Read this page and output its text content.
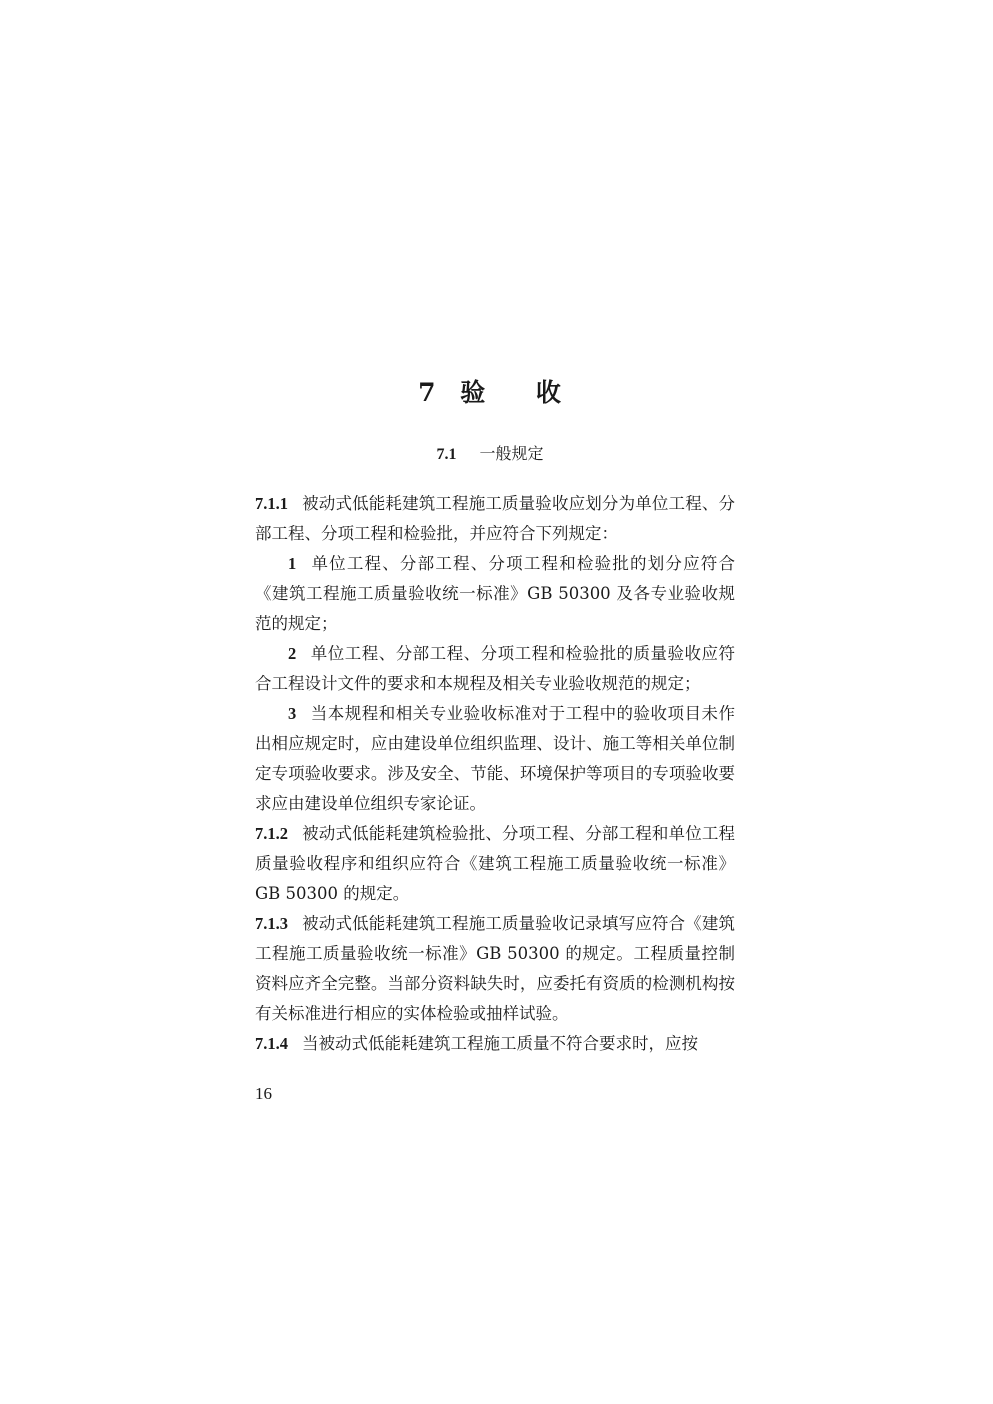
7 验 收
7.1 一般规定

7.1.1 被动式低能耗建筑工程施工质量验收应划分为单位工程、分部工程、分项工程和检验批，并应符合下列规定：

1 单位工程、分部工程、分项工程和检验批的划分应符合《建筑工程施工质量验收统一标准》GB 50300 及各专业验收规范的规定；

2 单位工程、分部工程、分项工程和检验批的质量验收应符合工程设计文件的要求和本规程及相关专业验收规范的规定；

3 当本规程和相关专业验收标准对于工程中的验收项目未作出相应规定时，应由建设单位组织监理、设计、施工等相关单位制定专项验收要求。涉及安全、节能、环境保护等项目的专项验收要求应由建设单位组织专家论证。

7.1.2 被动式低能耗建筑检验批、分项工程、分部工程和单位工程质量验收程序和组织应符合《建筑工程施工质量验收统一标准》GB 50300 的规定。

7.1.3 被动式低能耗建筑工程施工质量验收记录填写应符合《建筑工程施工质量验收统一标准》GB 50300 的规定。工程质量控制资料应齐全完整。当部分资料缺失时，应委托有资质的检测机构按有关标准进行相应的实体检验或抽样试验。

7.1.4 当被动式低能耗建筑工程施工质量不符合要求时，应按

16
